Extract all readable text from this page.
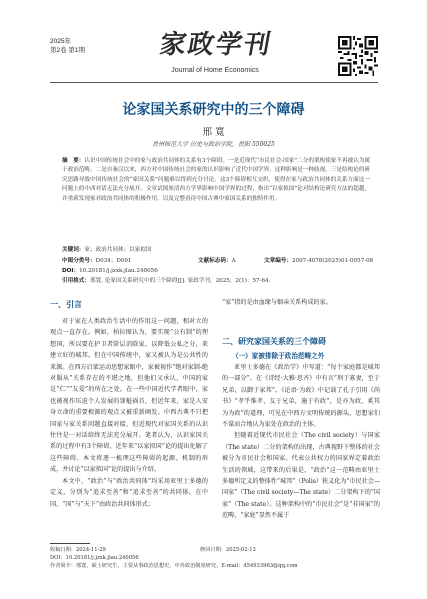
2025年
第2卷 第1期	家政学刊
Journal of Home Economics
论家国关系研究中的三个障碍
邢 寬
贵州师范大学 历史与政治学院，贵阳 550025
摘　要：认识中国传统社会中的家与政治共同体的关系有3个障碍。一是近现代“市民社会-国家”二分的架构使家不再被认为属于政治范畴。二是自秦汉以来，西方对中国传统社会的家的认识影响了近代中国学界，这种影响是一种歧视。三是结构论的研究思路导致中国传统社会的“家国关系”问题难以得到充分讨论。这3个障碍相互交织，使得在家与政治共同体的关系方面这一问题上的中西对话无法充分展开。文章试图厘清西方学界影响中国学界的过程，指出“以家拟国”论对结构论研究方法的超越，并重新发现家对政治共同体的积极作用，以及完整看待中国古典中家国关系的独特作用。
关键词：家；政治共同体；以家拟国
中图分类号：D034；D091	文献标志码：A	文章编号：2097-4078(2025)01-0057-08
DOI：10.20181/j.jzxk.jlau.240056
引用格式：邢寬. 论家国关系研究中的三个障碍[J]. 家政学刊，2025，2(1)：57-64.
一、引言

对于家在人类政治生活中的作用这一问题，相对立的观点一直存在。例如，柏拉图认为，要实现“公有制”的理想国，所以要在护卫者阶层消除家，以降低公私之分，来建立好的城邦。但在中国传统中，家又被认为是公共性的来源。在西方启蒙运动思想家眼中，家被视作“绝对家制-绝对服从”关系存在的不堪之地，但他们又承认，中国的家是“仁”“友爱”的所在之处。在一些中国近代学者眼中，家也被视作压迫个人发展的罪魁祸首，但近年来，家是人安身立命的重要根源的观点又被重新阐发。中西古典不只把国家与家关系问题直接对接，但近现代对家国关系的认识往往是一对话给终无法充分展开。笔者认为，认识家国关系的过程中有3个障碍，近年来“以家拟国”论的提出化解了这些障碍。本文将逐一梳理这些障碍的起源、机制的形成，并讨论“以家拟国”论的提出与介绍。

本文中，“政治”与“政治共同体”均采用亚里士多德的定义，分别为“追求至善”和“追求至善”的共同体。在中国，“国”与“天下”由政治共同体形式；

“家”指的是由血缘与姻亲关系构成的家。

二、研究家国关系的三个障碍
（一）家被排除于政治范畴之外

亚里士多德在《政治学》中写道：“每个家庭都是城邦的一部分”。在《诗经·大雅·思齐》中有言“刑于寡妻，至于兄弟，以御于家邦”。《论语·为政》中记载了孔子引用《尚书》“孝乎惟孝，友于兄弟，施于有政”，是亦为政，奚其为为政”的道理，可见在中西方文明传统的源头，思想家们不谋而合地认为家处在政治的主体。

但随着近现代市民社会（The civil society）与国家（The state）二分的架构的出现，古典视野下整体的社会被分为市民社会和国家。代表公共权力的国家界定着政治生活的领域，这带来的后果是，“政治”这一范畴由亚里士多德所定义的整体性“城邦”（Polis）狭义化为“市民社会—国家”（The civil society—The state）二分架构下的“国家”（The state）。这种架构中的“市民社会”是“非国家”的范畴，“家庭”显然不属于

收稿日期：2024-11-29	修回日期：2025-02-13
DOI：10.20181/j.jzxk.jlau.240056
作者简介：邢寬，硕士研究生，主要从事政治思想史、中外政治制度研究。E-mail：454933963@qq.com
